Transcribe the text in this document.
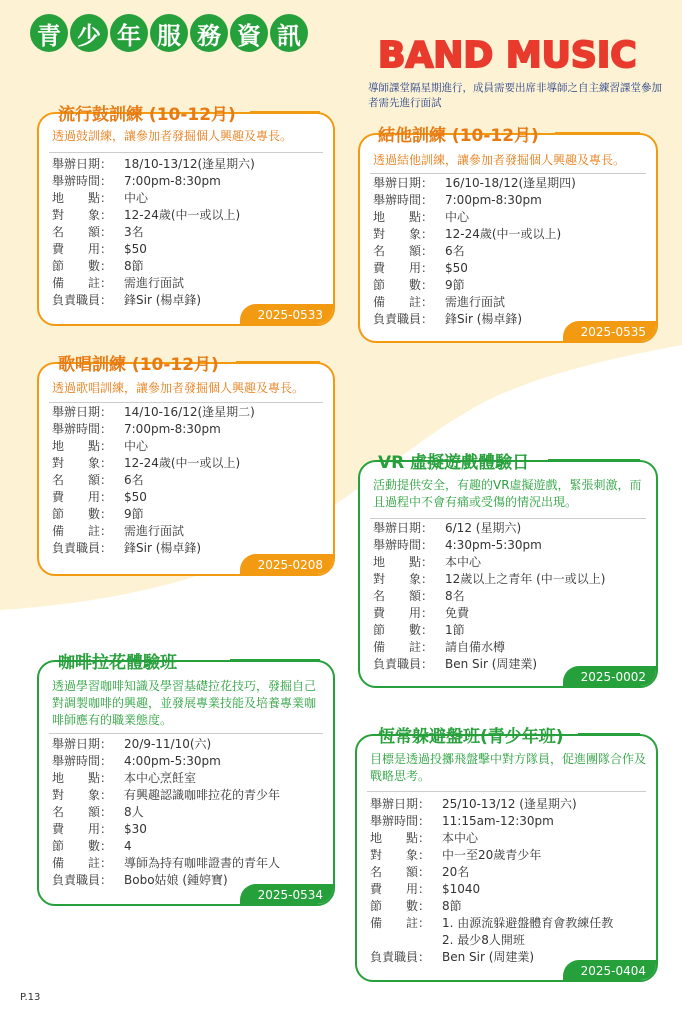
青 少 年 服 務 資 訊 BAND MUSIC
導師課堂隔星期進行，成員需要出席非導師之自主練習課堂參加者需先進行面試
透過鼓訓練，讓參加者發掘個人興趣及專長。
舉辦日期： 18/10-13/12(逢星期六)
舉辦時間： 7:00pm-8:30pm
地　　點： 中心
對　　象： 12-24歲(中一或以上)
名　　額： 3名
費　　用： $50
節　　數： 8節
備　　註： 需進行面試
負責職員： 鋒Sir (楊卓鋒)
2025-0533
流行鼓訓練 (10-12月)
透過結他訓練，讓參加者發掘個人興趣及專長。
舉辦日期： 16/10-18/12(逢星期四)
舉辦時間： 7:00pm-8:30pm
地　　點： 中心
對　　象： 12-24歲(中一或以上)
名　　額： 6名
費　　用： $50
節　　數： 9節
備　　註： 需進行面試
負責職員： 鋒Sir (楊卓鋒)
2025-0535
結他訓練 (10-12月)
透過歌唱訓練，讓參加者發掘個人興趣及專長。
舉辦日期： 14/10-16/12(逢星期二)
舉辦時間： 7:00pm-8:30pm
地　　點： 中心
對　　象： 12-24歲(中一或以上)
名　　額： 6名
費　　用： $50
節　　數： 9節
備　　註： 需進行面試
負責職員： 鋒Sir (楊卓鋒)
2025-0208
歌唱訓練 (10-12月)
活動提供安全，有趣的VR虛擬遊戲，緊張刺激，而且過程中不會有痛或受傷的情況出現。
舉辦日期： 6/12 (星期六)
舉辦時間： 4:30pm-5:30pm
地　　點： 本中心
對　　象： 12歲以上之青年 (中一或以上)
名　　額： 8名
費　　用： 免費
節　　數： 1節
備　　註： 請自備水樽
負責職員： Ben Sir (周建業)
2025-0002
VR 虛擬遊戲體驗日
透過學習咖啡知識及學習基礎拉花技巧，發掘自己對調製咖啡的興趣，並發展專業技能及培養專業咖啡師應有的職業態度。
舉辦日期： 20/9-11/10(六)
舉辦時間： 4:00pm-5:30pm
地　　點： 本中心烹飪室
對　　象： 有興趣認識咖啡拉花的青少年
名　　額： 8人
費　　用： $30
節　　數： 4
備　　註： 導師為持有咖啡證書的青年人
負責職員： Bobo姑娘 (鍾婷寶)
2025-0534
咖啡拉花體驗班
目標是透過投擲飛盤擊中對方隊員，促進團隊合作及戰略思考。
舉辦日期： 25/10-13/12 (逢星期六)
舉辦時間： 11:15am-12:30pm
地　　點： 本中心
對　　象： 中一至20歲青少年
名　　額： 20名
費　　用： $1040
節　　數： 8節
備　　註： 1. 由源流躲避盤體育會教練任教
2. 最少8人開班
負責職員： Ben Sir (周建業)
2025-0404
恆常躲避盤班(青少年班)
P.13
